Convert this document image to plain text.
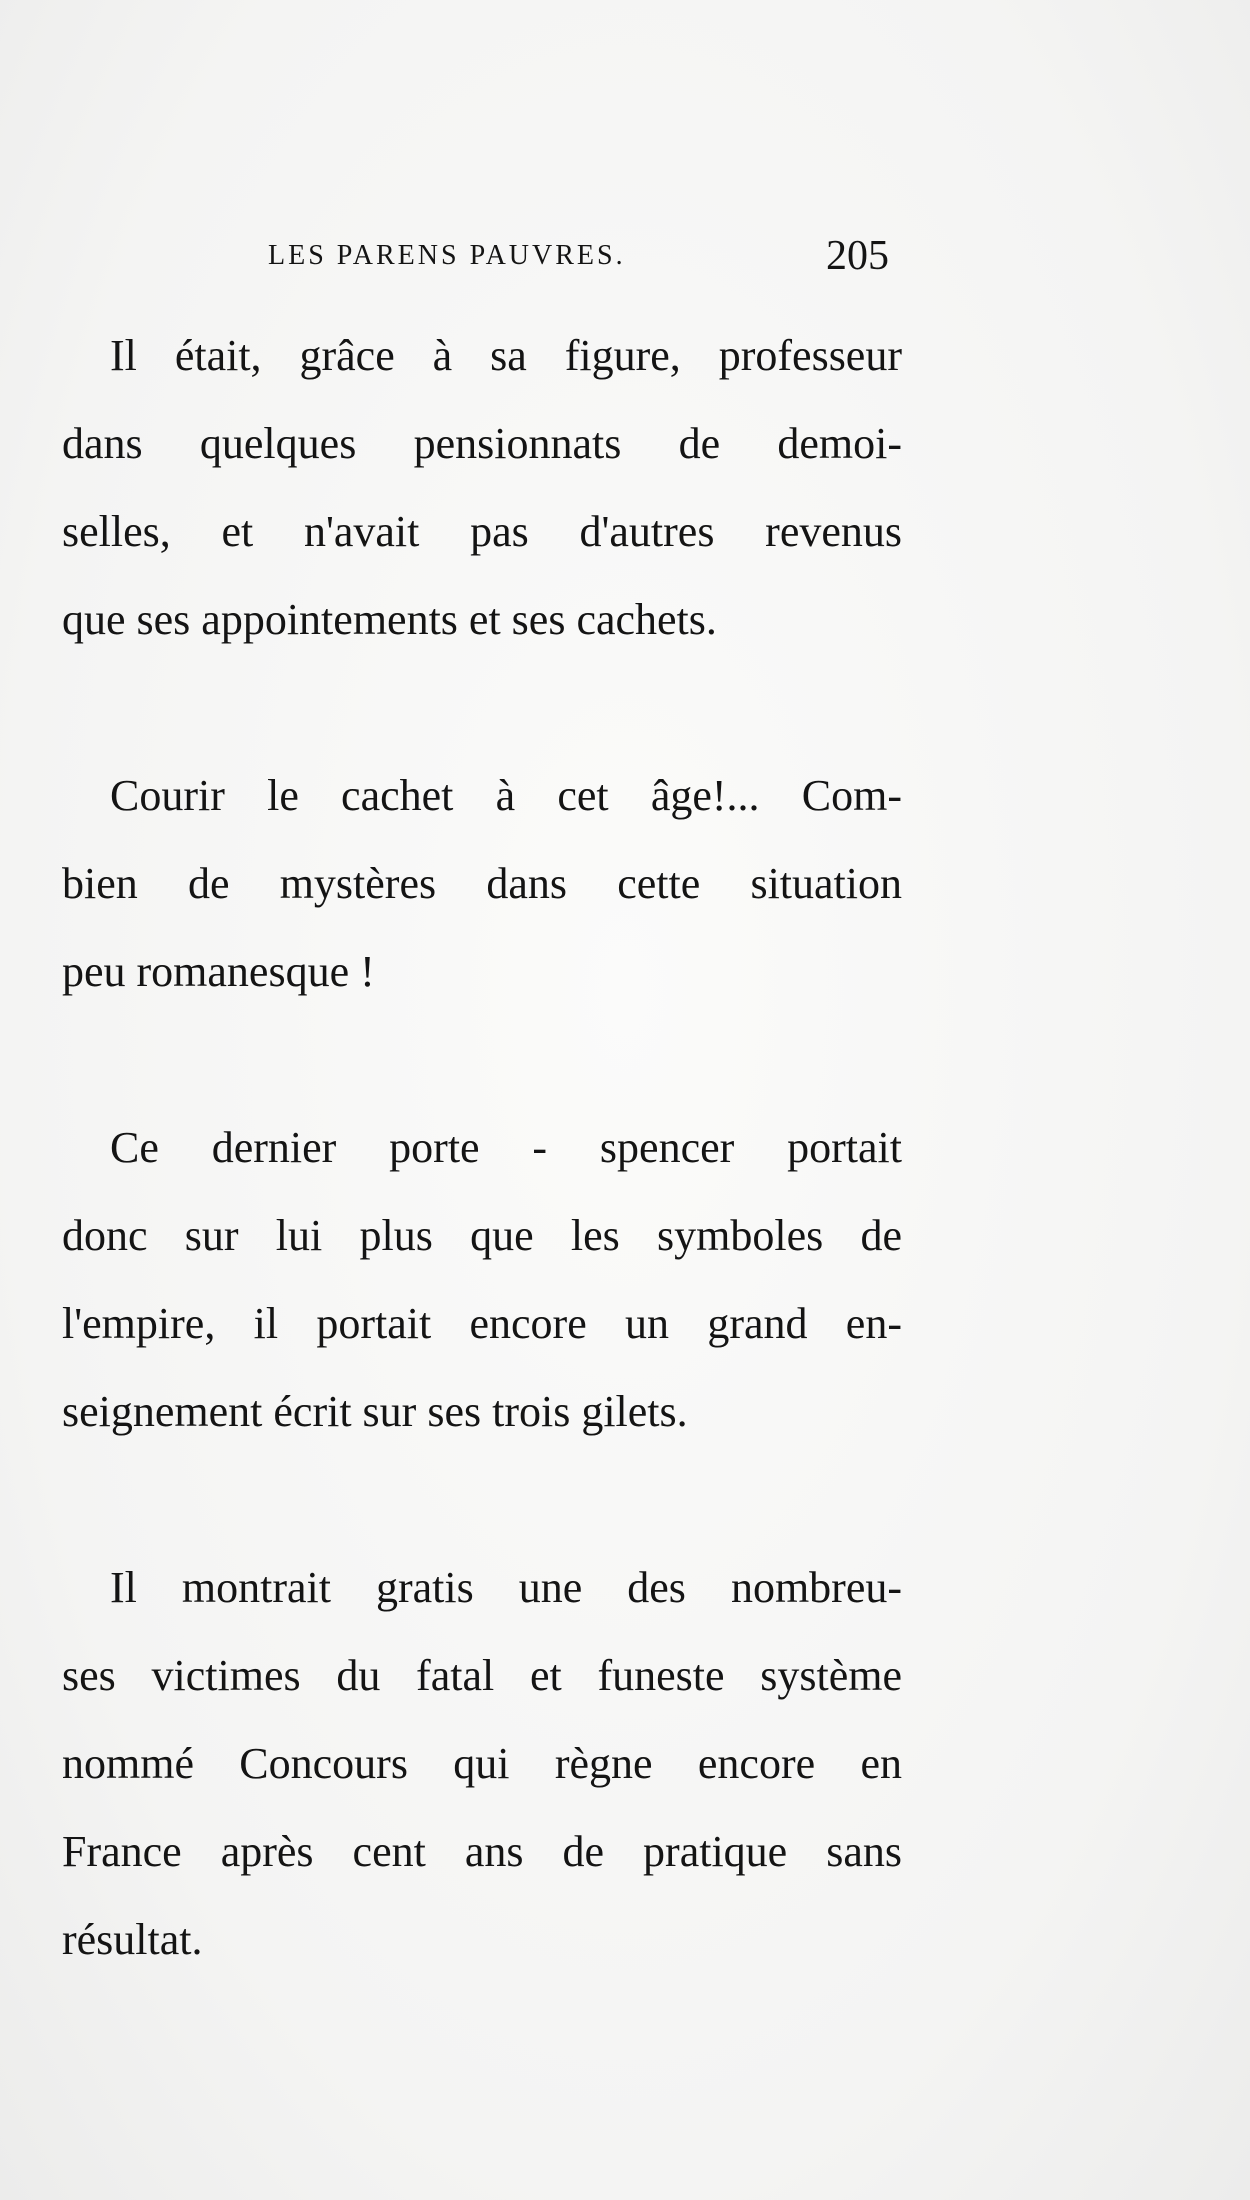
LES PARENS PAUVRES.	205
Il était, grâce à sa figure, professeur
dans quelques pensionnats de demoi-
selles, et n'avait pas d'autres revenus
que ses appointements et ses cachets.
Courir le cachet à cet âge!... Com-
bien de mystères dans cette situation
peu romanesque !
Ce dernier porte - spencer portait
donc sur lui plus que les symboles de
l'empire, il portait encore un grand en-
seignement écrit sur ses trois gilets.
Il montrait gratis une des nombreu-
ses victimes du fatal et funeste système
nommé Concours qui règne encore en
France après cent ans de pratique sans
résultat.
